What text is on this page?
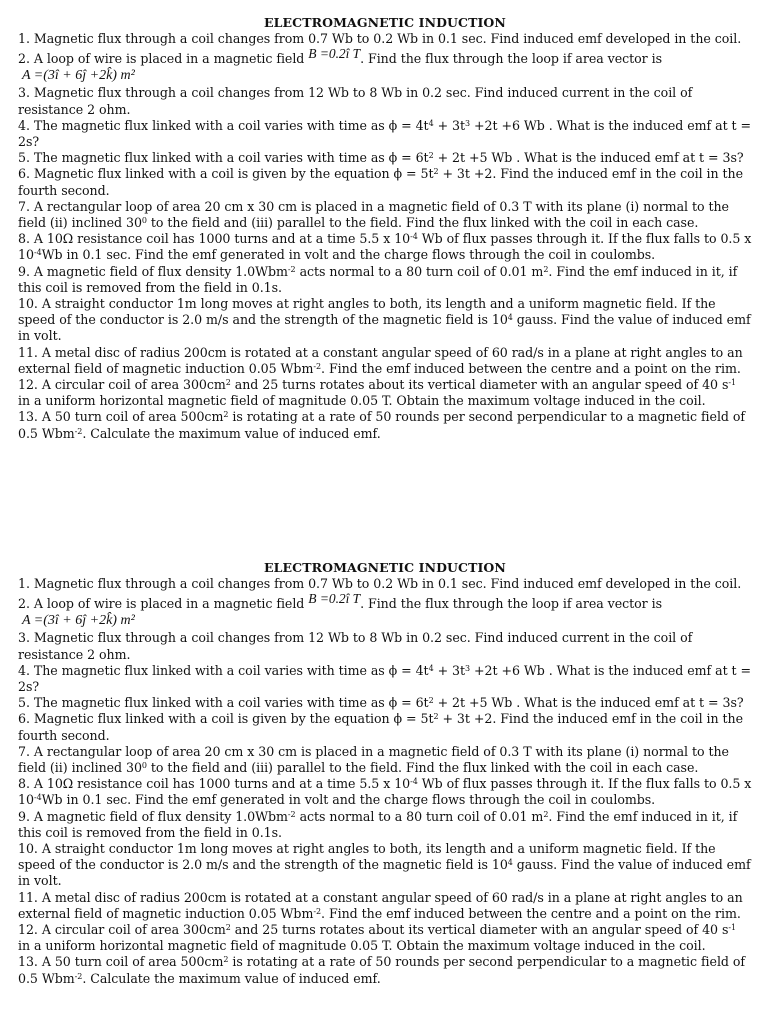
ELECTROMAGNETIC INDUCTION

1. Magnetic flux through a coil changes from 0.7 Wb to 0.2 Wb in 0.1 sec. Find induced emf developed in the coil.

2. A loop of wire is placed in a magnetic field B =0.2î T. Find the flux through the loop if area vector is

A =(3î + 6ĵ +2k̂) m²

3. Magnetic flux through a coil changes from 12 Wb to 8 Wb in 0.2 sec. Find induced current in the coil of resistance 2 ohm.

4. The magnetic flux linked with a coil varies with time as $\phi = 4t^4 + 3t^3 +2t +6$ Wb . What is the induced emf at t = 2s?

5. The magnetic flux linked with a coil varies with time as $\phi = 6t^2 + 2t +5$ Wb . What is the induced emf at t = 3s?

6. Magnetic flux linked with a coil is given by the equation $\phi = 5t^2 + 3t +2$. Find the induced emf in the coil in the fourth second.

7. A rectangular loop of area 20 cm x 30 cm is placed in a magnetic field of 0.3 T with its plane (i) normal to the field (ii) inclined $30^0$ to the field and (iii) parallel to the field. Find the flux linked with the coil in each case.

8. A 10Ω resistance coil has 1000 turns and at a time 5.5 x $10^{-4}$ Wb of flux passes through it. If the flux falls to 0.5 x $10^{-4}Wb$ in 0.1 sec. Find the emf generated in volt and the charge flows through the coil in coulombs.

9. A magnetic field of flux density 1.0Wbm$^{-2}$ acts normal to a 80 turn coil of 0.01 $m^2$. Find the emf induced in it, if this coil is removed from the field in 0.1s.

10. A straight conductor 1m long moves at right angles to both, its length and a uniform magnetic field. If the speed of the conductor is 2.0 m/s and the strength of the magnetic field is $10^4$ gauss. Find the value of induced emf in volt.

11. A metal disc of radius 200cm is rotated at a constant angular speed of 60 rad/s in a plane at right angles to an external field of magnetic induction 0.05 Wbm$^{-2}$. Find the emf induced between the centre and a point on the rim.

12. A circular coil of area $300cm^2$ and 25 turns rotates about its vertical diameter with an angular speed of 40 $s^{-1}$ in a uniform horizontal magnetic field of magnitude 0.05 T. Obtain the maximum voltage induced in the coil.

13. A 50 turn coil of area $500cm^2$ is rotating at a rate of 50 rounds per second perpendicular to a magnetic field of 0.5 Wbm$^{-2}$. Calculate the maximum value of induced emf.

ELECTROMAGNETIC INDUCTION

1. Magnetic flux through a coil changes from 0.7 Wb to 0.2 Wb in 0.1 sec. Find induced emf developed in the coil.

2. A loop of wire is placed in a magnetic field B =0.2î T. Find the flux through the loop if area vector is

A =(3î + 6ĵ +2k̂) m²

3. Magnetic flux through a coil changes from 12 Wb to 8 Wb in 0.2 sec. Find induced current in the coil of resistance 2 ohm.

4. The magnetic flux linked with a coil varies with time as $\phi = 4t^4 + 3t^3 +2t +6$ Wb . What is the induced emf at t = 2s?

5. The magnetic flux linked with a coil varies with time as $\phi = 6t^2 + 2t +5$ Wb . What is the induced emf at t = 3s?

6. Magnetic flux linked with a coil is given by the equation $\phi = 5t^2 + 3t +2$. Find the induced emf in the coil in the fourth second.

7. A rectangular loop of area 20 cm x 30 cm is placed in a magnetic field of 0.3 T with its plane (i) normal to the field (ii) inclined $30^0$ to the field and (iii) parallel to the field. Find the flux linked with the coil in each case.

8. A 10Ω resistance coil has 1000 turns and at a time 5.5 x $10^{-4}$ Wb of flux passes through it. If the flux falls to 0.5 x $10^{-4}Wb$ in 0.1 sec. Find the emf generated in volt and the charge flows through the coil in coulombs.

9. A magnetic field of flux density 1.0Wbm$^{-2}$ acts normal to a 80 turn coil of 0.01 $m^2$. Find the emf induced in it, if this coil is removed from the field in 0.1s.

10. A straight conductor 1m long moves at right angles to both, its length and a uniform magnetic field. If the speed of the conductor is 2.0 m/s and the strength of the magnetic field is $10^4$ gauss. Find the value of induced emf in volt.

11. A metal disc of radius 200cm is rotated at a constant angular speed of 60 rad/s in a plane at right angles to an external field of magnetic induction 0.05 Wbm$^{-2}$. Find the emf induced between the centre and a point on the rim.

12. A circular coil of area $300cm^2$ and 25 turns rotates about its vertical diameter with an angular speed of 40 $s^{-1}$ in a uniform horizontal magnetic field of magnitude 0.05 T. Obtain the maximum voltage induced in the coil.

13. A 50 turn coil of area $500cm^2$ is rotating at a rate of 50 rounds per second perpendicular to a magnetic field of 0.5 Wbm$^{-2}$. Calculate the maximum value of induced emf.
